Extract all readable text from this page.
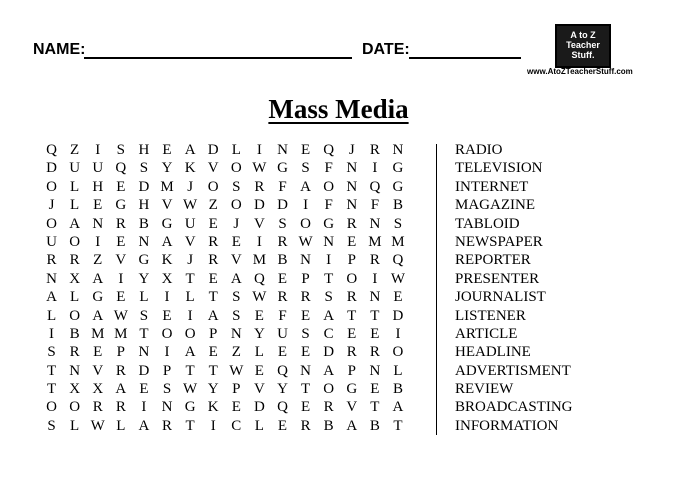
NAME:	DATE:
A to Z
Teacher
Stuff.
www.AtoZTeacherStuff.com
Mass Media
Q Z I S H E A D L I N E Q J R N
D U U Q S Y K V O W G S F N I G
O L H E D M J O S R F A O N Q G
J L E G H V W Z O D D I F N F B
O A N R B G U E J V S O G R N S
U O I E N A V R E I R W N E M M
R R Z V G K J R V M B N I P R Q
N X A I Y X T E A Q E P T O I W
A L G E L I L T S W R R S R N E
L O A W S E I A S E F E A T T D
I B M M T O O P N Y U S C E E I
S R E P N I A E Z L E E D R R O
T N V R D P T T W E Q N A P N L
T X X A E S W Y P V Y T O G E B
O O R R I N G K E D Q E R V T A
S L W L A R T I C L E R B A B T
RADIO
TELEVISION
INTERNET
MAGAZINE
TABLOID
NEWSPAPER
REPORTER
PRESENTER
JOURNALIST
LISTENER
ARTICLE
HEADLINE
ADVERTISMENT
REVIEW
BROADCASTING
INFORMATION
